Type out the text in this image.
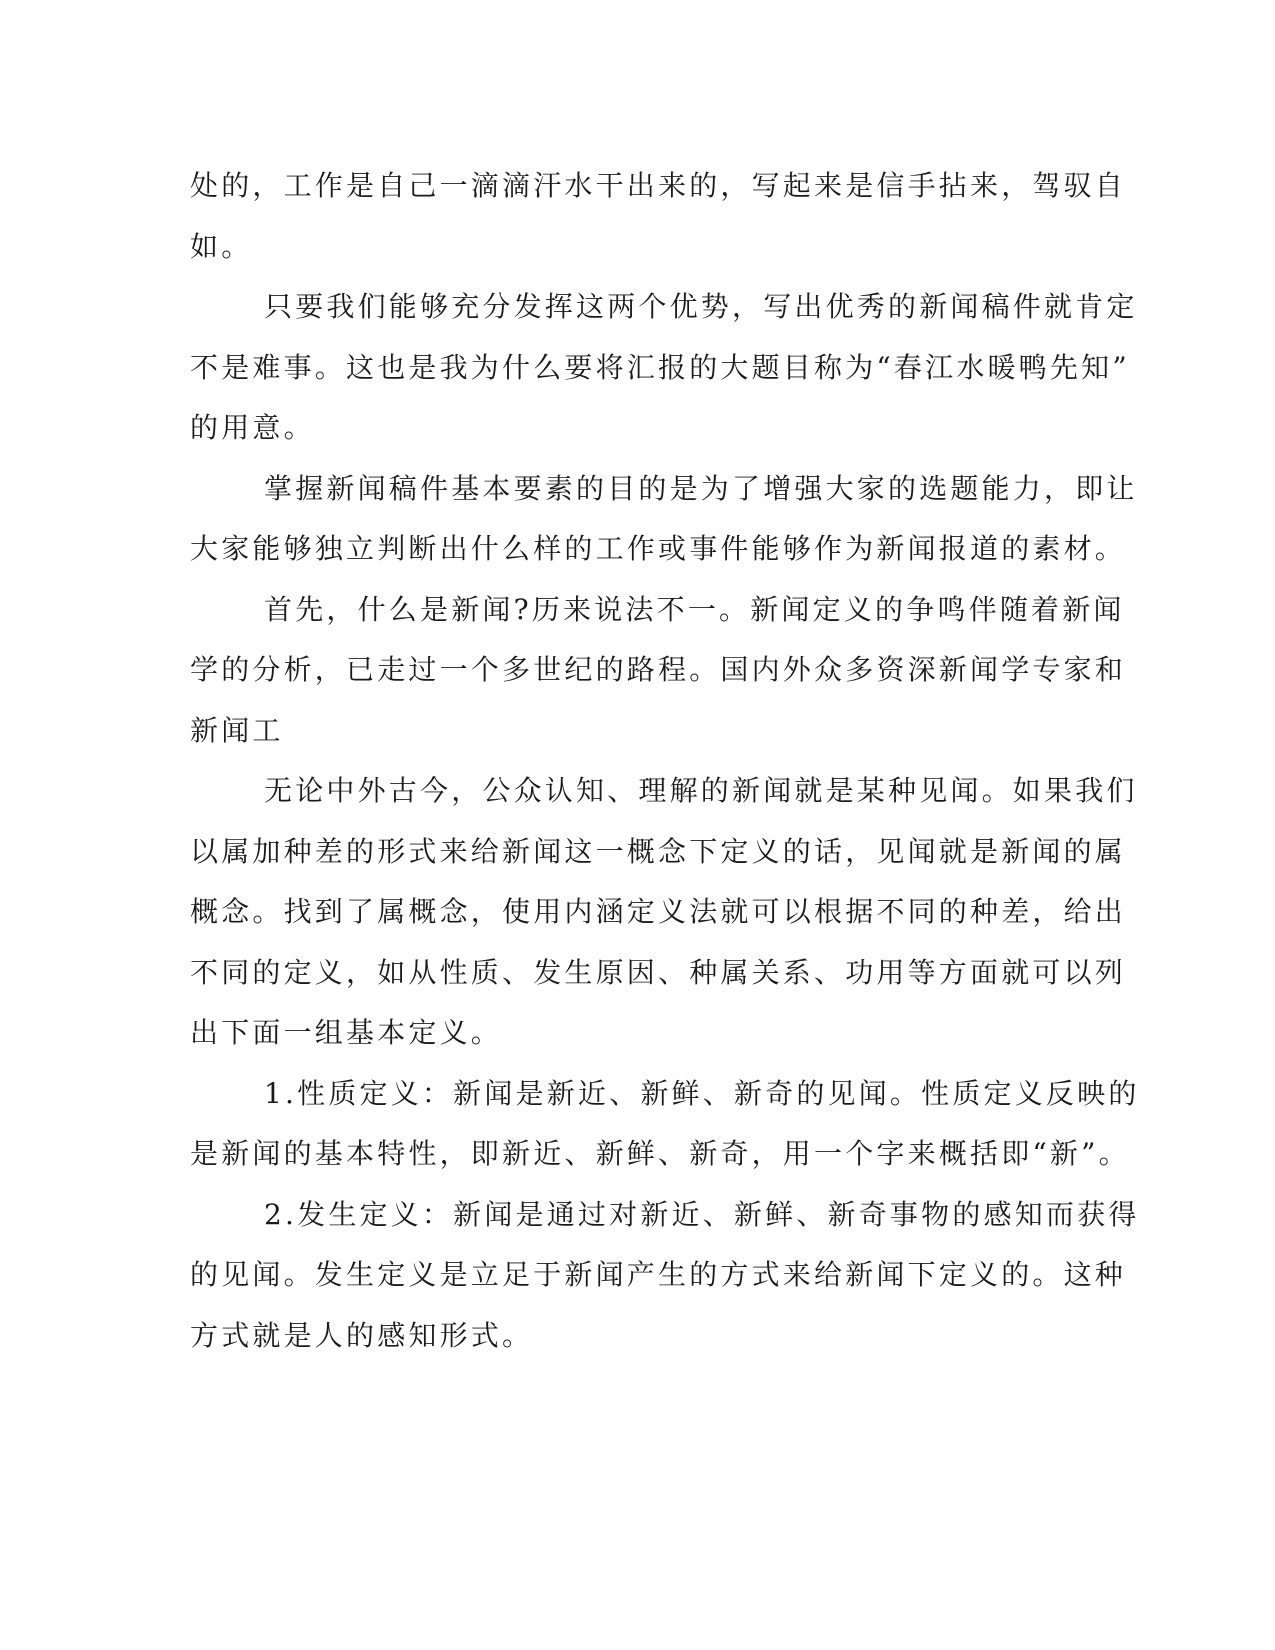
处的，工作是自己一滴滴汗水干出来的，写起来是信手拈来，驾驭自
如。

只要我们能够充分发挥这两个优势，写出优秀的新闻稿件就肯定
不是难事。这也是我为什么要将汇报的大题目称为“春江水暖鸭先知”
的用意。

掌握新闻稿件基本要素的目的是为了增强大家的选题能力，即让
大家能够独立判断出什么样的工作或事件能够作为新闻报道的素材。

首先，什么是新闻?历来说法不一。新闻定义的争鸣伴随着新闻
学的分析，已走过一个多世纪的路程。国内外众多资深新闻学专家和
新闻工

无论中外古今，公众认知、理解的新闻就是某种见闻。如果我们
以属加种差的形式来给新闻这一概念下定义的话，见闻就是新闻的属
概念。找到了属概念，使用内涵定义法就可以根据不同的种差，给出
不同的定义，如从性质、发生原因、种属关系、功用等方面就可以列
出下面一组基本定义。

1.性质定义：新闻是新近、新鲜、新奇的见闻。性质定义反映的
是新闻的基本特性，即新近、新鲜、新奇，用一个字来概括即“新”。

2.发生定义：新闻是通过对新近、新鲜、新奇事物的感知而获得
的见闻。发生定义是立足于新闻产生的方式来给新闻下定义的。这种
方式就是人的感知形式。
